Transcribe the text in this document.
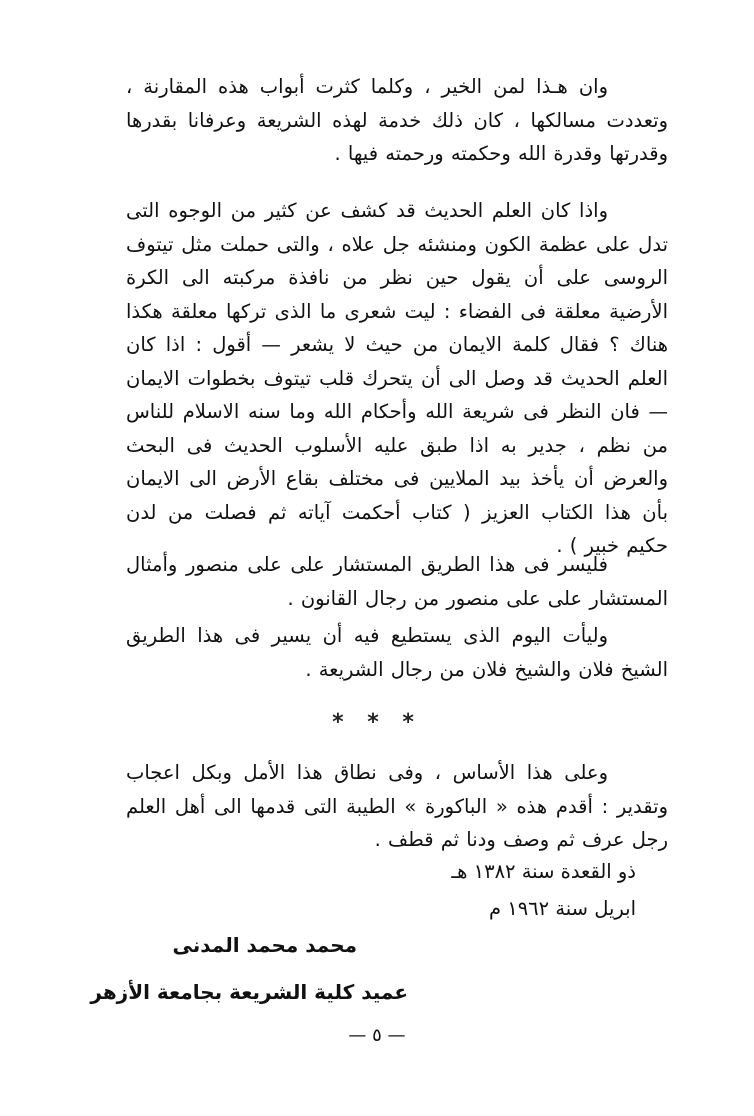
وان هـذا لمن الخير ، وكلما كثرت أبواب هذه المقارنة ، وتعددت مسالكها ، كان ذلك خدمة لهذه الشريعة وعرفانا بقدرها وقدرتها وقدرة الله وحكمته ورحمته فيها .

واذا كان العلم الحديث قد كشف عن كثير من الوجوه التى تدل على عظمة الكون ومنشئه جل علاه ، والتى حملت مثل تيتوف الروسى على أن يقول حين نظر من نافذة مركبته الى الكرة الأرضية معلقة فى الفضاء : ليت شعرى ما الذى تركها معلقة هكذا هناك ؟ فقال كلمة الايمان من حيث لا يشعر — أقول : اذا كان العلم الحديث قد وصل الى أن يتحرك قلب تيتوف بخطوات الايمان — فان النظر فى شريعة الله وأحكام الله وما سنه الاسلام للناس من نظم ، جدير به اذا طبق عليه الأسلوب الحديث فى البحث والعرض أن يأخذ بيد الملايين فى مختلف بقاع الأرض الى الايمان بأن هذا الكتاب العزيز ( كتاب أحكمت آياته ثم فصلت من لدن حكيم خبير ) .

فليسر فى هذا الطريق المستشار على على منصور وأمثال المستشار على على منصور من رجال القانون .

وليأت اليوم الذى يستطيع فيه أن يسير فى هذا الطريق الشيخ فلان والشيخ فلان من رجال الشريعة .

* * *

وعلى هذا الأساس ، وفى نطاق هذا الأمل وبكل اعجاب وتقدير : أقدم هذه « الباكورة » الطيبة التى قدمها الى أهل العلم رجل عرف ثم وصف ودنا ثم قطف .

ذو القعدة سنة ١٣٨٢ هـ
ابريل سنة ١٩٦٢ م
محمد محمد المدنى
عميد كلية الشريعة بجامعة الأزهر
— ٥ —
